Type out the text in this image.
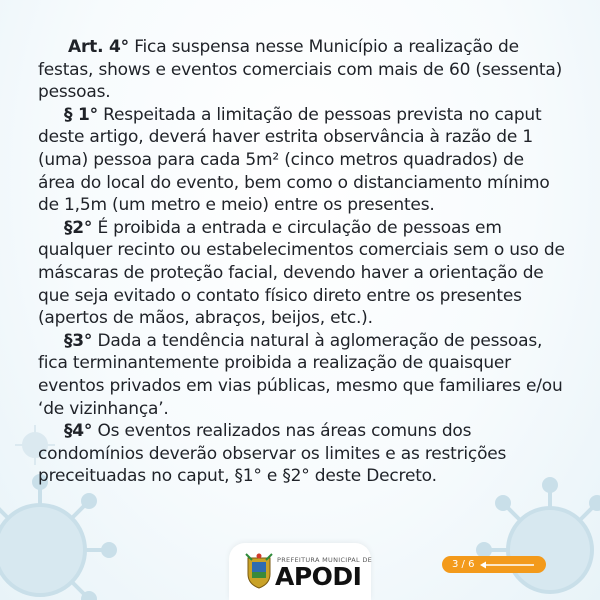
Art. 4° Fica suspensa nesse Município a realização de festas, shows e eventos comerciais com mais de 60 (sessenta) pessoas.

§ 1° Respeitada a limitação de pessoas prevista no caput deste artigo, deverá haver estrita observância à razão de 1 (uma) pessoa para cada 5m² (cinco metros quadrados) de área do local do evento, bem como o distanciamento mínimo de 1,5m (um metro e meio) entre os presentes.

§2° É proibida a entrada e circulação de pessoas em qualquer recinto ou estabelecimentos comerciais sem o uso de máscaras de proteção facial, devendo haver a orientação de que seja evitado o contato físico direto entre os presentes (apertos de mãos, abraços, beijos, etc.).

§3° Dada a tendência natural à aglomeração de pessoas, fica terminantemente proibida a realização de quaisquer eventos privados em vias públicas, mesmo que familiares e/ou ‘de vizinhança’.

§4° Os eventos realizados nas áreas comuns dos condomínios deverão observar os limites e as restrições preceituadas no caput, §1° e §2° deste Decreto.

PREFEITURA MUNICIPAL DE
APODI	3 / 6
